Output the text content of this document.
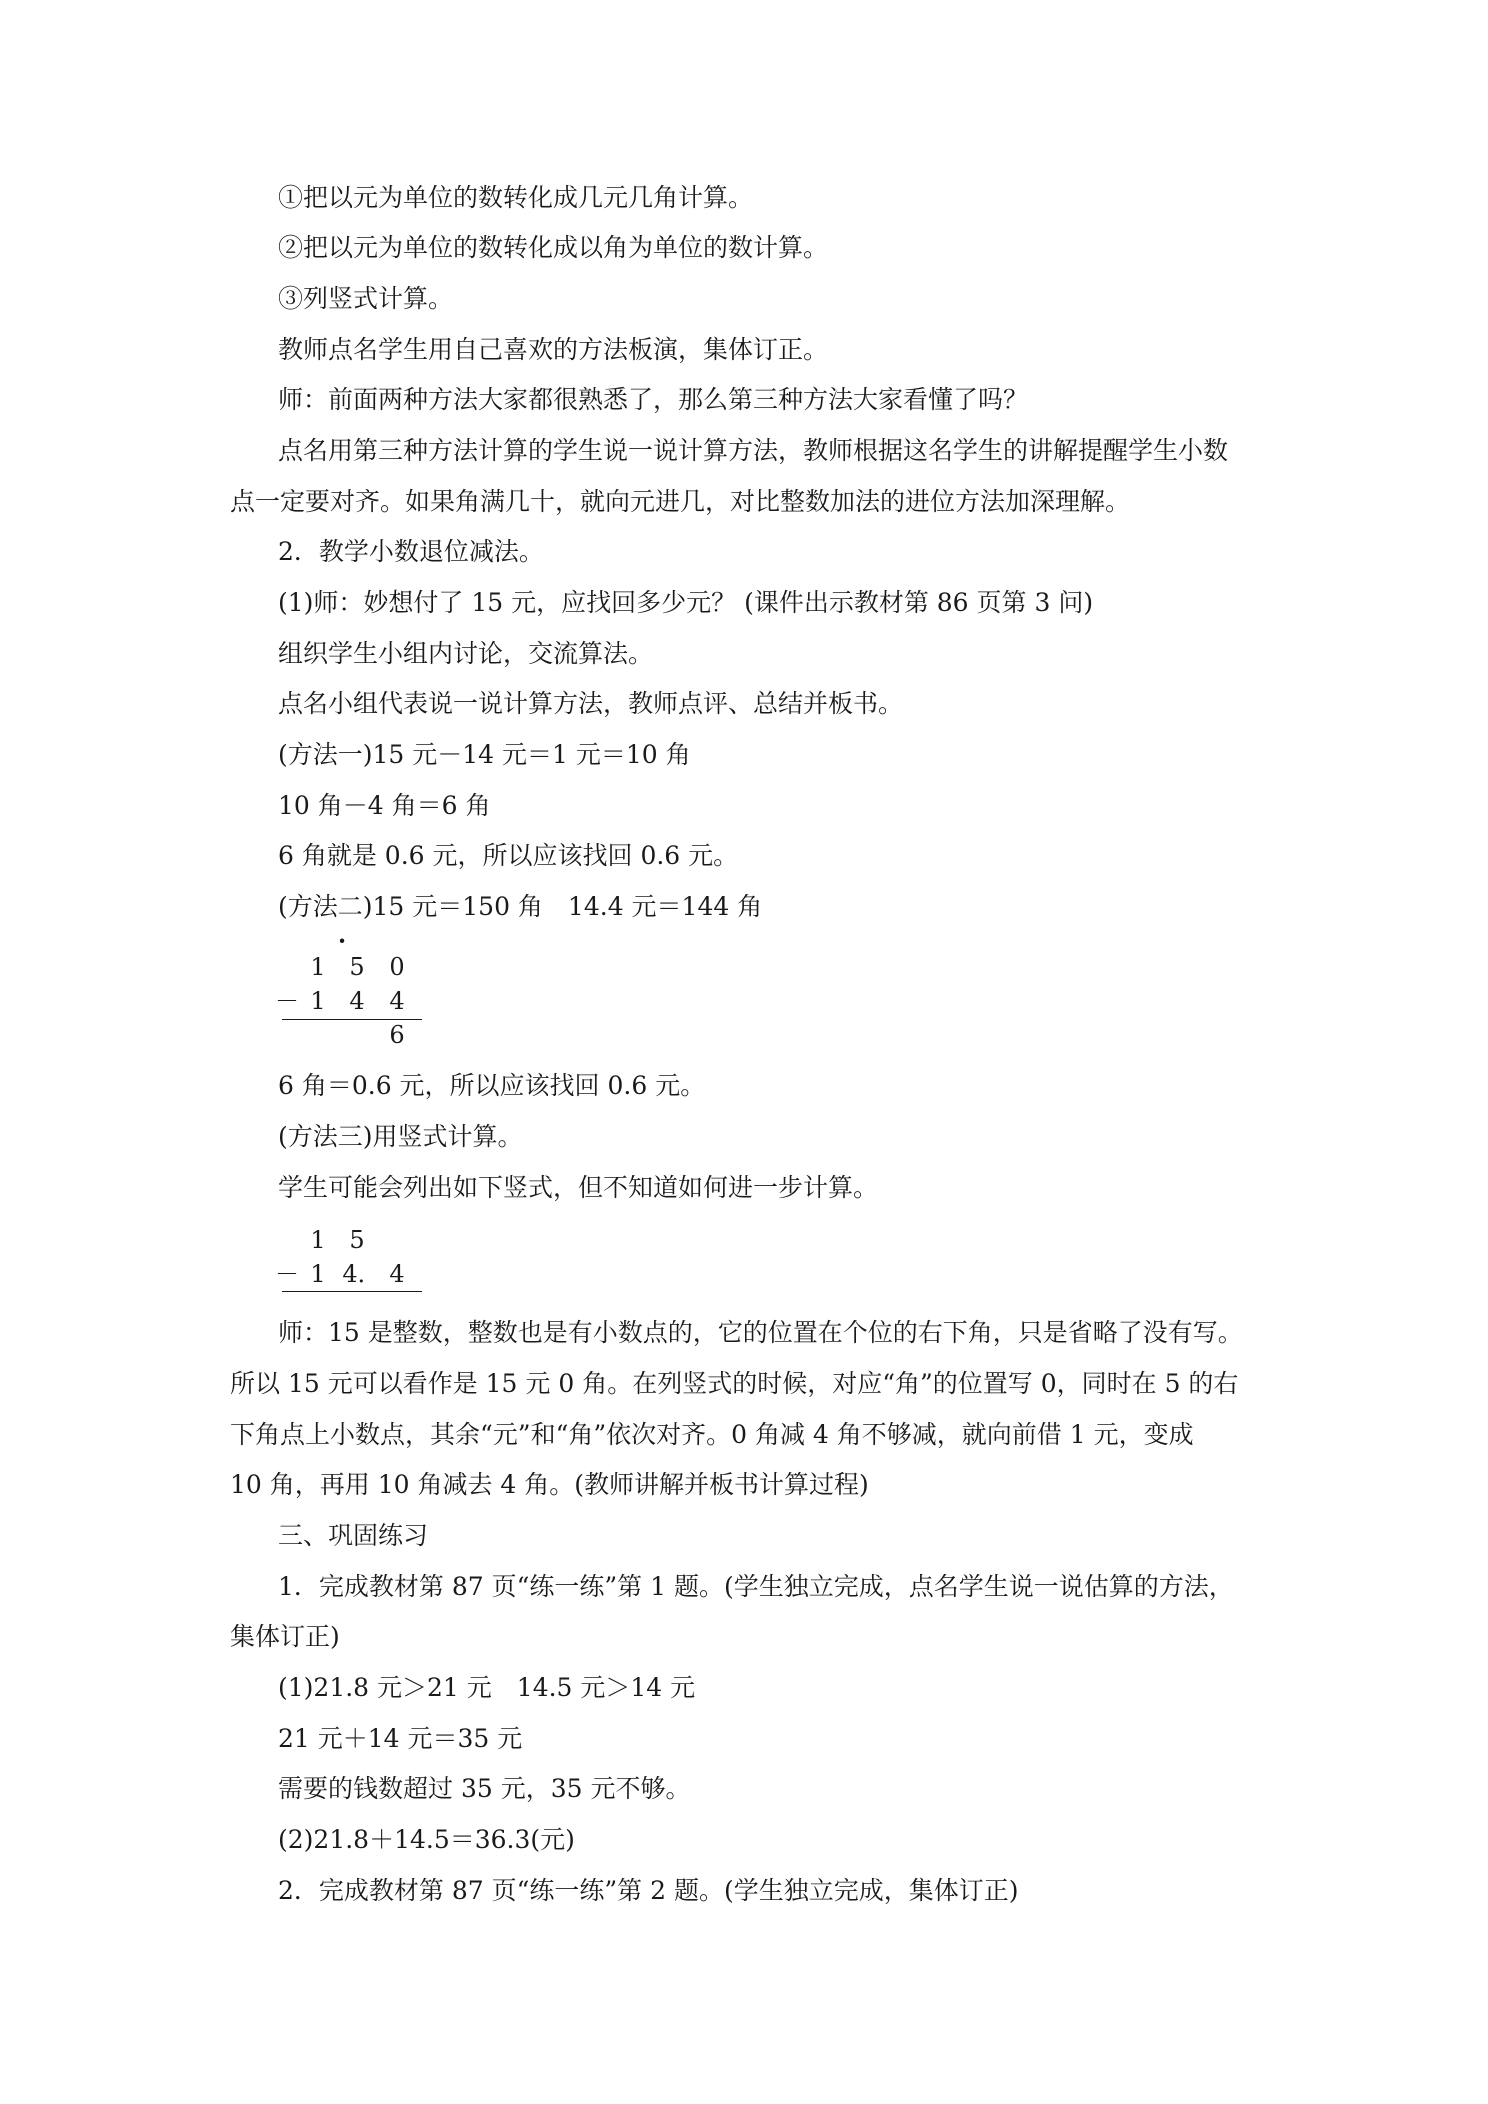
①把以元为单位的数转化成几元几角计算。
②把以元为单位的数转化成以角为单位的数计算。
③列竖式计算。
教师点名学生用自己喜欢的方法板演，集体订正。
师：前面两种方法大家都很熟悉了，那么第三种方法大家看懂了吗？
点名用第三种方法计算的学生说一说计算方法，教师根据这名学生的讲解提醒学生小数
点一定要对齐。如果角满几十，就向元进几，对比整数加法的进位方法加深理解。
2．教学小数退位减法。
(1)师：妙想付了 15 元，应找回多少元？ (课件出示教材第 86 页第 3 问)
组织学生小组内讨论，交流算法。
点名小组代表说一说计算方法，教师点评、总结并板书。
(方法一)15 元－14 元＝1 元＝10 角
10 角－4 角＝6 角
6 角就是 0.6 元，所以应该找回 0.6 元。
(方法二)15 元＝150 角　14.4 元＝144 角
·
1 5	0
－ 1 4	4
6
6 角＝0.6 元，所以应该找回 0.6 元。
(方法三)用竖式计算。
学生可能会列出如下竖式，但不知道如何进一步计算。
1 5
－ 1 4． 4
师：15 是整数，整数也是有小数点的，它的位置在个位的右下角，只是省略了没有写。
所以 15 元可以看作是 15 元 0 角。在列竖式的时候，对应“角”的位置写 0，同时在 5 的右
下角点上小数点，其余“元”和“角”依次对齐。0 角减 4 角不够减，就向前借 1 元，变成
10 角，再用 10 角减去 4 角。(教师讲解并板书计算过程)
三、巩固练习
1．完成教材第 87 页“练一练”第 1 题。(学生独立完成，点名学生说一说估算的方法，
集体订正)
(1)21.8 元＞21 元　14.5 元＞14 元
21 元＋14 元＝35 元
需要的钱数超过 35 元，35 元不够。
(2)21.8＋14.5＝36.3(元)
2．完成教材第 87 页“练一练”第 2 题。(学生独立完成，集体订正)
